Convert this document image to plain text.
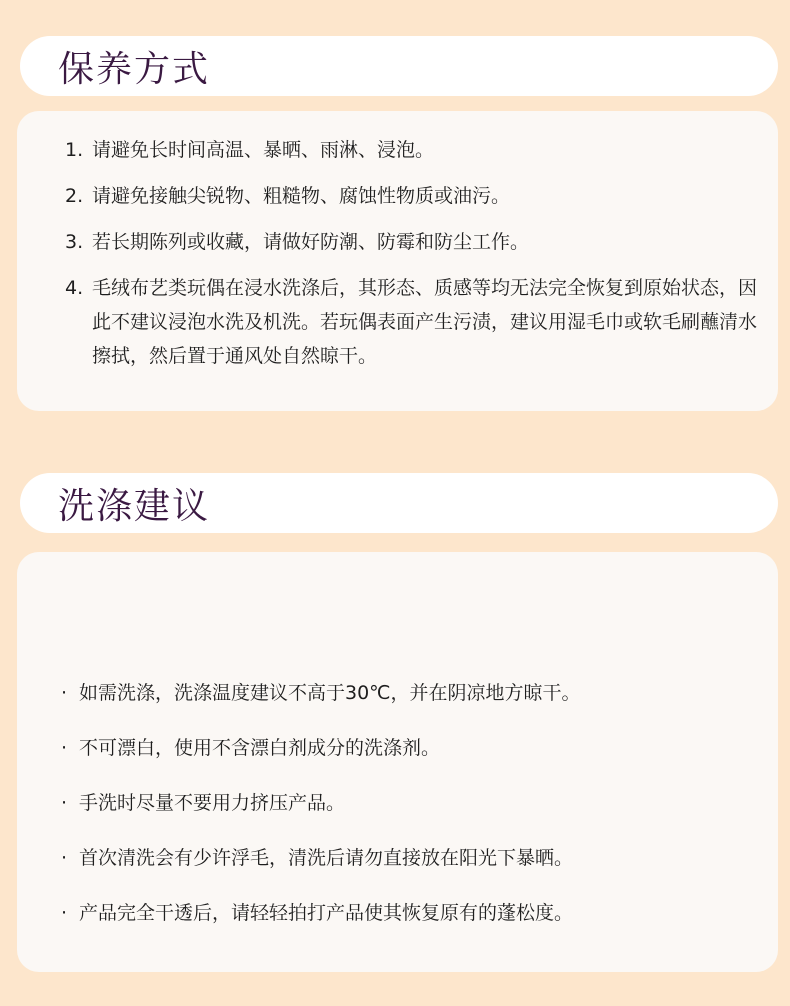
保养方式
1. 请避免长时间高温、暴晒、雨淋、浸泡。
2. 请避免接触尖锐物、粗糙物、腐蚀性物质或油污。
3. 若长期陈列或收藏，请做好防潮、防霉和防尘工作。
4. 毛绒布艺类玩偶在浸水洗涤后，其形态、质感等均无法完全恢复到原始状态，因此不建议浸泡水洗及机洗。若玩偶表面产生污渍，建议用湿毛巾或软毛刷蘸清水擦拭，然后置于通风处自然晾干。
洗涤建议
· 如需洗涤，洗涤温度建议不高于30℃，并在阴凉地方晾干。
· 不可漂白，使用不含漂白剂成分的洗涤剂。
· 手洗时尽量不要用力挤压产品。
· 首次清洗会有少许浮毛，清洗后请勿直接放在阳光下暴晒。
· 产品完全干透后，请轻轻拍打产品使其恢复原有的蓬松度。
